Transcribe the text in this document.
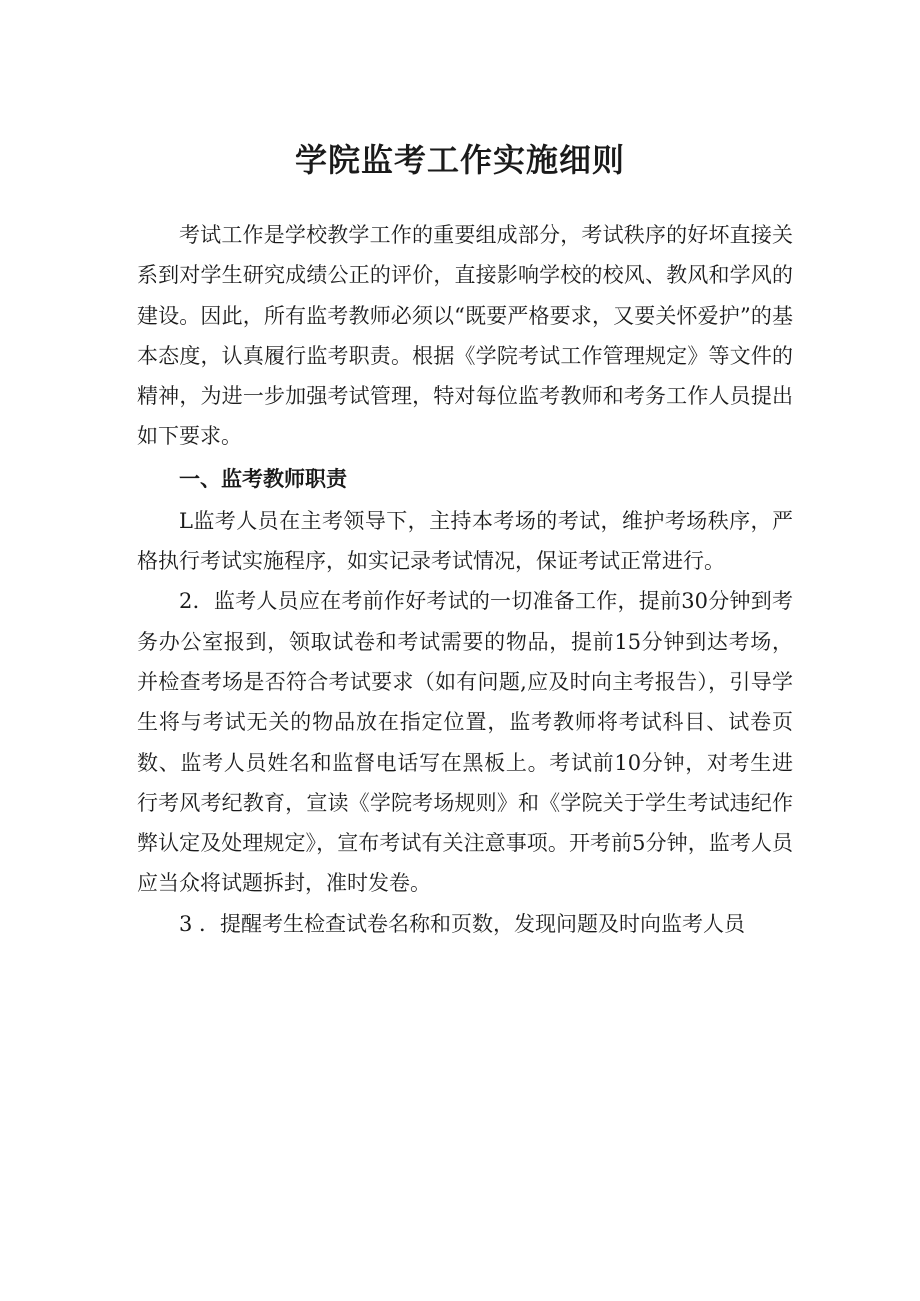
学院监考工作实施细则

考试工作是学校教学工作的重要组成部分，考试秩序的好坏直接关系到对学生研究成绩公正的评价，直接影响学校的校风、教风和学风的建设。因此，所有监考教师必须以“既要严格要求，又要关怀爱护”的基本态度，认真履行监考职责。根据《学院考试工作管理规定》等文件的精神，为进一步加强考试管理，特对每位监考教师和考务工作人员提出如下要求。

一、监考教师职责

L监考人员在主考领导下，主持本考场的考试，维护考场秩序，严格执行考试实施程序，如实记录考试情况，保证考试正常进行。

2．监考人员应在考前作好考试的一切准备工作，提前30分钟到考务办公室报到，领取试卷和考试需要的物品，提前15分钟到达考场，并检查考场是否符合考试要求（如有问题,应及时向主考报告），引导学生将与考试无关的物品放在指定位置，监考教师将考试科目、试卷页数、监考人员姓名和监督电话写在黑板上。考试前10分钟，对考生进行考风考纪教育，宣读《学院考场规则》和《学院关于学生考试违纪作弊认定及处理规定》，宣布考试有关注意事项。开考前5分钟，监考人员应当众将试题拆封，准时发卷。

3 ．提醒考生检查试卷名称和页数，发现问题及时向监考人员
